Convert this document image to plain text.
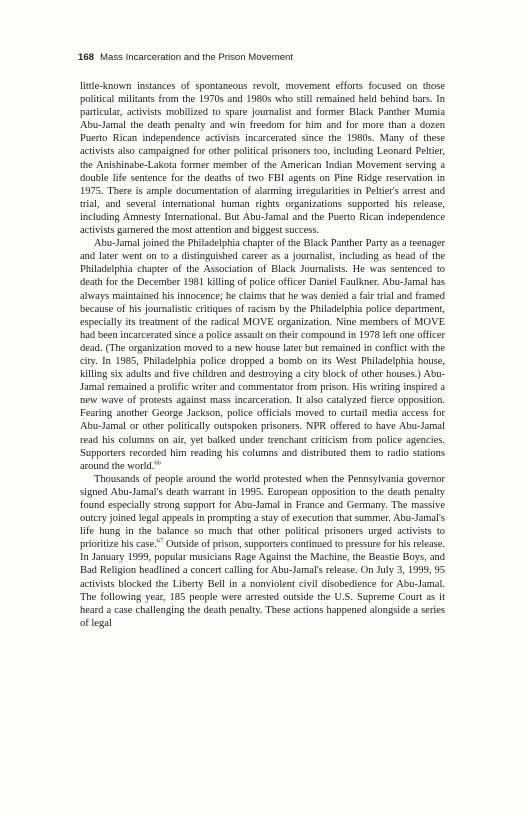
168 Mass Incarceration and the Prison Movement

little-known instances of spontaneous revolt, movement efforts focused on those political militants from the 1970s and 1980s who still remained held behind bars. In particular, activists mobilized to spare journalist and former Black Panther Mumia Abu-Jamal the death penalty and win freedom for him and for more than a dozen Puerto Rican independence activists incarcerated since the 1980s. Many of these activists also campaigned for other political prisoners too, including Leonard Peltier, the Anishinabe-Lakota former member of the American Indian Movement serving a double life sentence for the deaths of two FBI agents on Pine Ridge reservation in 1975. There is ample documentation of alarming irregularities in Peltier's arrest and trial, and several international human rights organizations supported his release, including Amnesty International. But Abu-Jamal and the Puerto Rican independence activists garnered the most attention and biggest success.

Abu-Jamal joined the Philadelphia chapter of the Black Panther Party as a teenager and later went on to a distinguished career as a journalist, including as head of the Philadelphia chapter of the Association of Black Journalists. He was sentenced to death for the December 1981 killing of police officer Daniel Faulkner. Abu-Jamal has always maintained his innocence; he claims that he was denied a fair trial and framed because of his journalistic critiques of racism by the Philadelphia police department, especially its treatment of the radical MOVE organization. Nine members of MOVE had been incarcerated since a police assault on their compound in 1978 left one officer dead. (The organization moved to a new house later but remained in conflict with the city. In 1985, Philadelphia police dropped a bomb on its West Philadelphia house, killing six adults and five children and destroying a city block of other houses.) Abu-Jamal remained a prolific writer and commentator from prison. His writing inspired a new wave of protests against mass incarceration. It also catalyzed fierce opposition. Fearing another George Jackson, police officials moved to curtail media access for Abu-Jamal or other politically outspoken prisoners. NPR offered to have Abu-Jamal read his columns on air, yet balked under trenchant criticism from police agencies. Supporters recorded him reading his columns and distributed them to radio stations around the world.$^{66}$

Thousands of people around the world protested when the Pennsylvania governor signed Abu-Jamal's death warrant in 1995. European opposition to the death penalty found especially strong support for Abu-Jamal in France and Germany. The massive outcry joined legal appeals in prompting a stay of execution that summer. Abu-Jamal's life hung in the balance so much that other political prisoners urged activists to prioritize his case.$^{67}$ Outside of prison, supporters continued to pressure for his release. In January 1999, popular musicians Rage Against the Machine, the Beastie Boys, and Bad Religion headlined a concert calling for Abu-Jamal's release. On July 3, 1999, 95 activists blocked the Liberty Bell in a nonviolent civil disobedience for Abu-Jamal. The following year, 185 people were arrested outside the U.S. Supreme Court as it heard a case challenging the death penalty. These actions happened alongside a series of legal
